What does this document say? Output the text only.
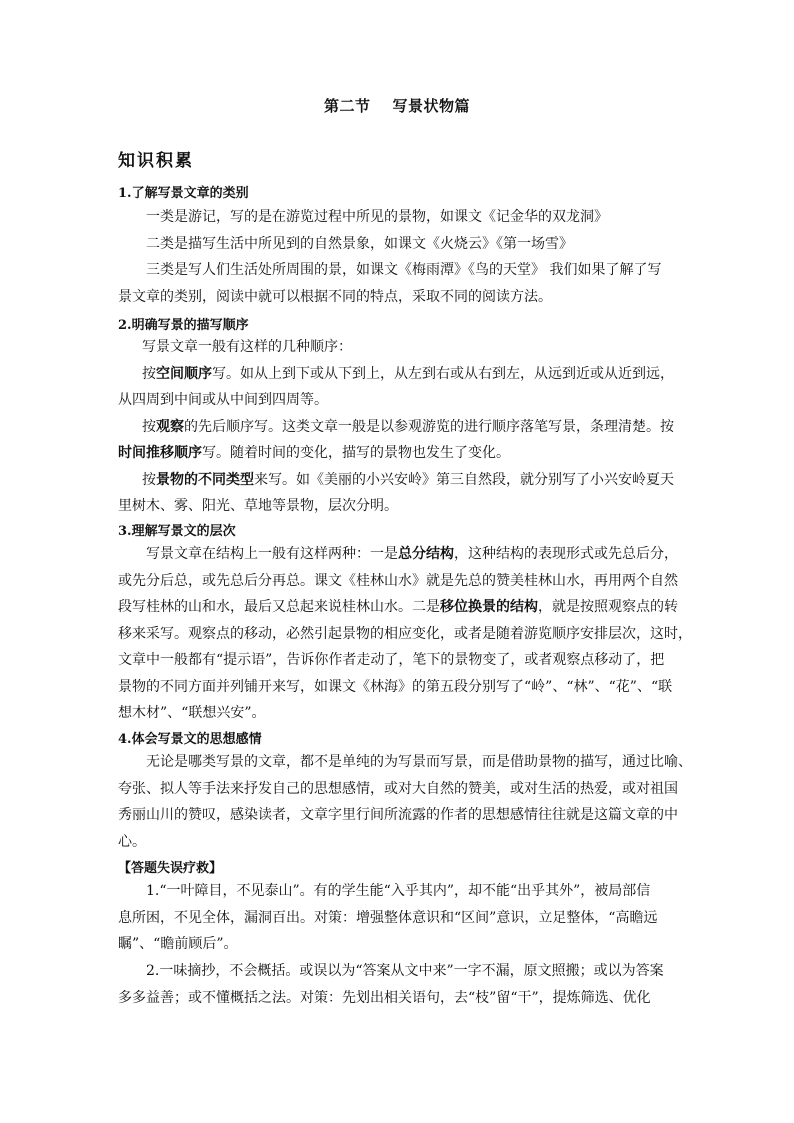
第二节 写景状物篇
知识积累
1.了解写景文章的类别
一类是游记，写的是在游览过程中所见的景物，如课文《记金华的双龙洞》
二类是描写生活中所见到的自然景象，如课文《火烧云》《第一场雪》
三类是写人们生活处所周围的景，如课文《梅雨潭》《鸟的天堂》 我们如果了解了写
景文章的类别，阅读中就可以根据不同的特点，采取不同的阅读方法。
2.明确写景的描写顺序
写景文章一般有这样的几种顺序：
按空间顺序写。如从上到下或从下到上，从左到右或从右到左，从远到近或从近到远，
从四周到中间或从中间到四周等。
按观察的先后顺序写。这类文章一般是以参观游览的进行顺序落笔写景，条理清楚。按
时间推移顺序写。随着时间的变化，描写的景物也发生了变化。
按景物的不同类型来写。如《美丽的小兴安岭》第三自然段，就分别写了小兴安岭夏天
里树木、雾、阳光、草地等景物，层次分明。
3.理解写景文的层次
写景文章在结构上一般有这样两种：一是总分结构，这种结构的表现形式或先总后分，
或先分后总，或先总后分再总。课文《桂林山水》就是先总的赞美桂林山水，再用两个自然
段写桂林的山和水，最后又总起来说桂林山水。二是移位换景的结构，就是按照观察点的转
移来采写。观察点的移动，必然引起景物的相应变化，或者是随着游览顺序安排层次，这时，
文章中一般都有“提示语”，告诉你作者走动了，笔下的景物变了，或者观察点移动了，把
景物的不同方面并列铺开来写，如课文《林海》的第五段分别写了“岭”、“林”、“花”、“联
想木材”、“联想兴安”。
4.体会写景文的思想感情
无论是哪类写景的文章，都不是单纯的为写景而写景，而是借助景物的描写，通过比喻、
夸张、拟人等手法来抒发自己的思想感情，或对大自然的赞美，或对生活的热爱，或对祖国
秀丽山川的赞叹，感染读者，文章字里行间所流露的作者的思想感情往往就是这篇文章的中
心。
【答题失误疗救】
1.“一叶障目，不见泰山”。有的学生能“入乎其内”，却不能“出乎其外”，被局部信
息所困，不见全体，漏洞百出。对策：增强整体意识和“区间”意识，立足整体，“高瞻远
瞩”、“瞻前顾后”。
2.一味摘抄，不会概括。或误以为“答案从文中来”一字不漏，原文照搬；或以为答案
多多益善；或不懂概括之法。对策：先划出相关语句，去“枝”留“干”，提炼筛选、优化
